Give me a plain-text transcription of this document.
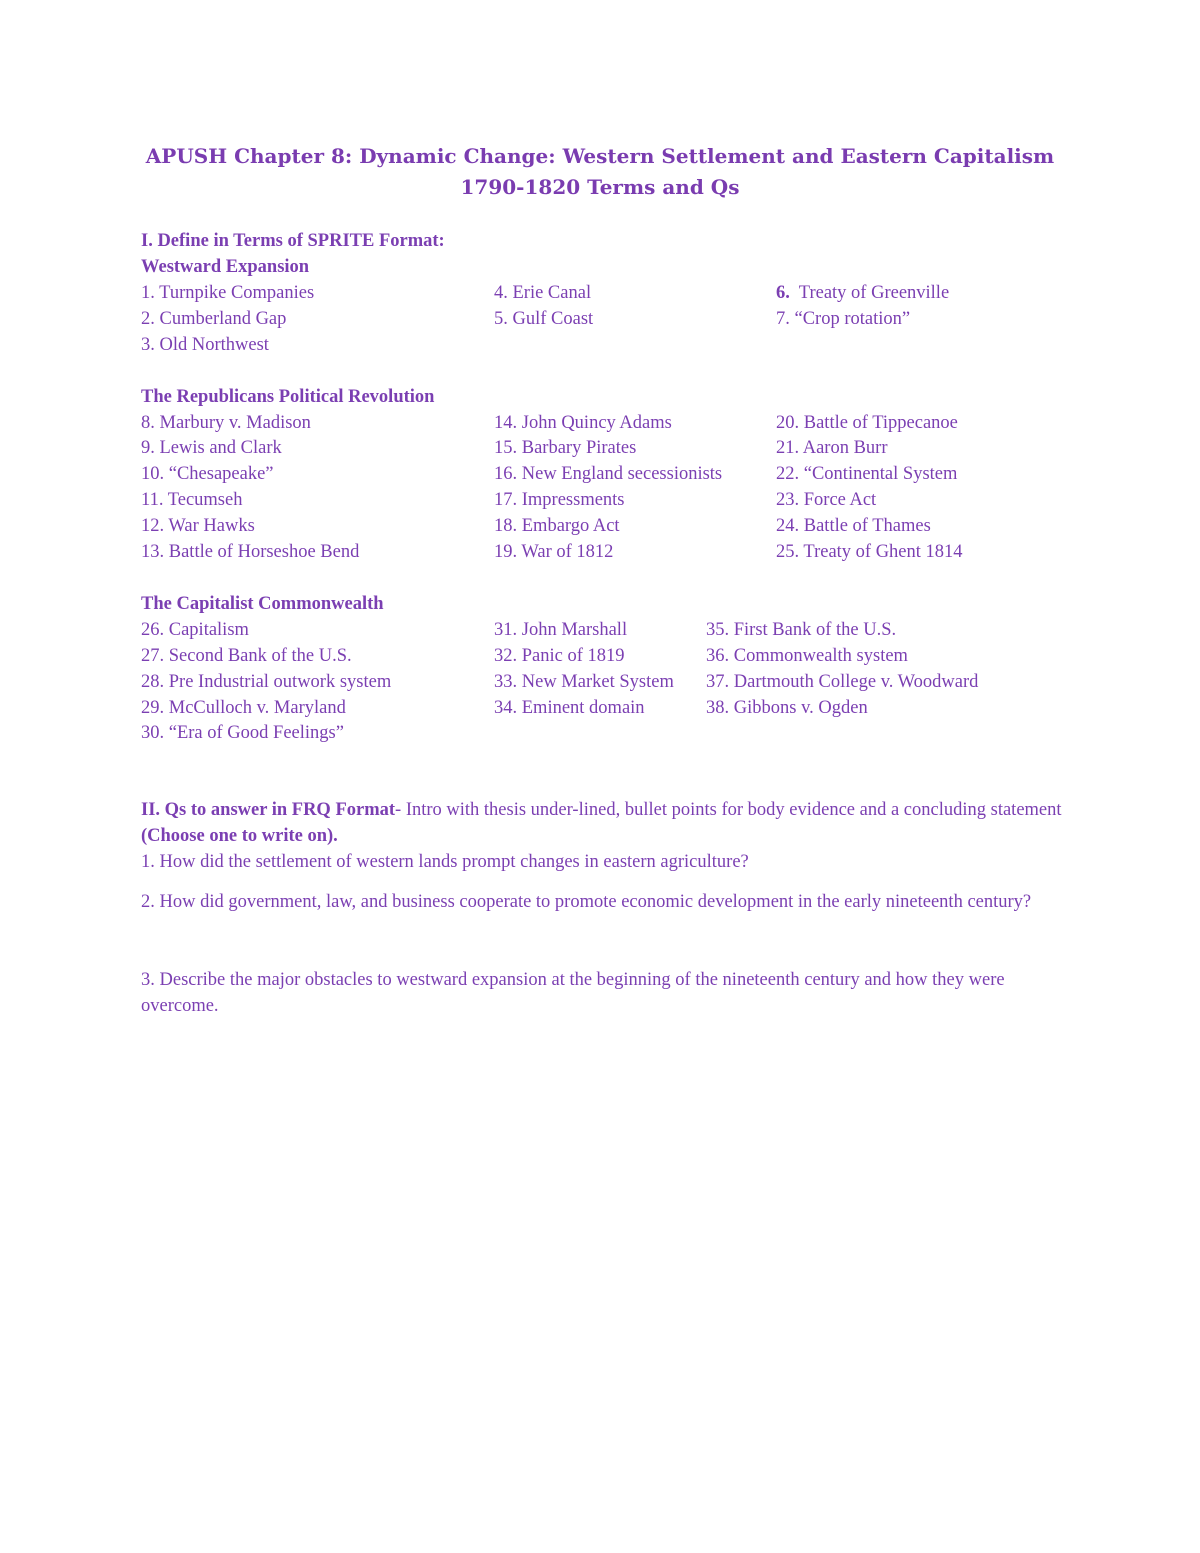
APUSH Chapter 8: Dynamic Change: Western Settlement and Eastern Capitalism
1790-1820 Terms and Qs
I. Define in Terms of SPRITE Format:
Westward Expansion
1. Turnpike Companies
2. Cumberland Gap
3. Old Northwest
4. Erie Canal
5. Gulf Coast
6. Treaty of Greenville
7. “Crop rotation”
The Republicans Political Revolution
8. Marbury v. Madison
9. Lewis and Clark
10. “Chesapeake”
11. Tecumseh
12. War Hawks
13. Battle of Horseshoe Bend
14. John Quincy Adams
15. Barbary Pirates
16. New England secessionists
17. Impressments
18. Embargo Act
19. War of 1812
20. Battle of Tippecanoe
21. Aaron Burr
22. “Continental System
23. Force Act
24. Battle of Thames
25. Treaty of Ghent 1814
The Capitalist Commonwealth
26. Capitalism
27. Second Bank of the U.S.
28. Pre Industrial outwork system
29. McCulloch v. Maryland
30. “Era of Good Feelings”
31. John Marshall
32. Panic of 1819
33. New Market System
34. Eminent domain
35. First Bank of the U.S.
36. Commonwealth system
37. Dartmouth College v. Woodward
38. Gibbons v. Ogden
II. Qs to answer in FRQ Format- Intro with thesis under-lined, bullet points for body evidence and a concluding statement (Choose one to write on).
1. How did the settlement of western lands prompt changes in eastern agriculture?
2. How did government, law, and business cooperate to promote economic development in the early nineteenth century?
3. Describe the major obstacles to westward expansion at the beginning of the nineteenth century and how they were overcome.
